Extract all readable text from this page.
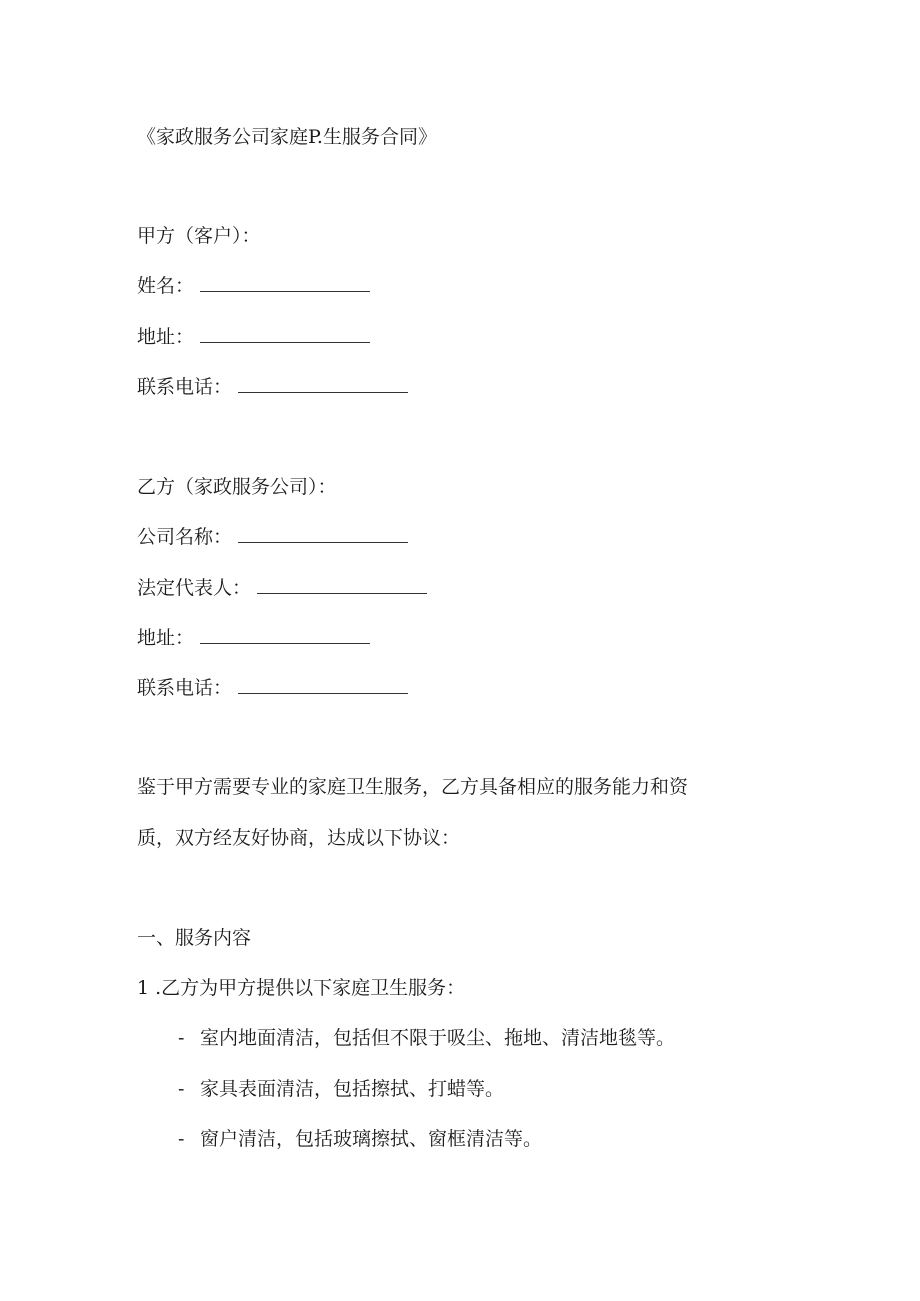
《家政服务公司家庭P.生服务合同》
甲方（客户）：
姓名：
地址：
联系电话：
乙方（家政服务公司）：
公司名称：
法定代表人：
地址：
联系电话：
鉴于甲方需要专业的家庭卫生服务，乙方具备相应的服务能力和资
质，双方经友好协商，达成以下协议：
一、服务内容
1 .乙方为甲方提供以下家庭卫生服务：
- 室内地面清洁，包括但不限于吸尘、拖地、清洁地毯等。
- 家具表面清洁，包括擦拭、打蜡等。
- 窗户清洁，包括玻璃擦拭、窗框清洁等。
